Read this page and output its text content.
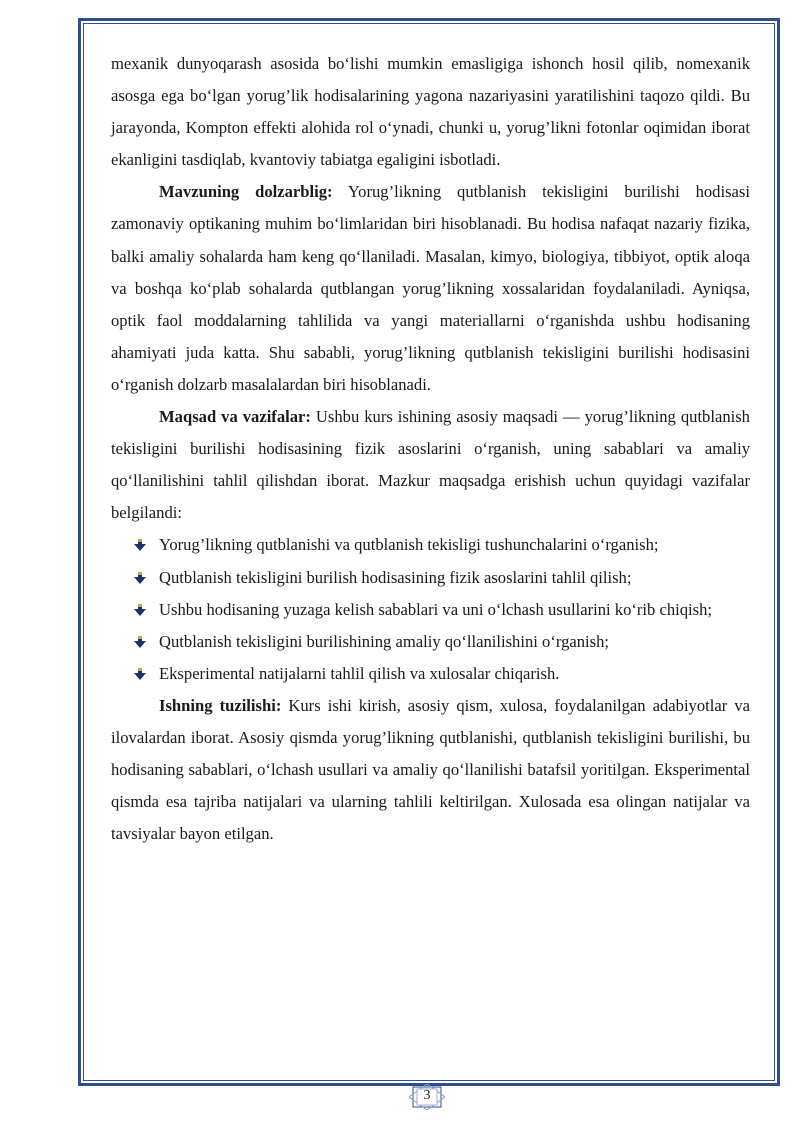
mexanik dunyoqarash asosida bo‘lishi mumkin emasligiga ishonch hosil qilib, nomexanik asosga ega bo‘lgan yorug’lik hodisalarining yagona nazariyasini yaratilishini taqozo qildi. Bu jarayonda, Kompton effekti alohida rol o‘ynadi, chunki u, yorug’likni fotonlar oqimidan iborat ekanligini tasdiqlab, kvantoviy tabiatga egaligini isbotladi.

Mavzuning dolzarblig: Yorug’likning qutblanish tekisligini burilishi hodisasi zamonaviy optikaning muhim bo‘limlaridan biri hisoblanadi. Bu hodisa nafaqat nazariy fizika, balki amaliy sohalarda ham keng qo‘llaniladi. Masalan, kimyo, biologiya, tibbiyot, optik aloqa va boshqa ko‘plab sohalarda qutblangan yorug’likning xossalaridan foydalaniladi. Ayniqsa, optik faol moddalarning tahlilida va yangi materiallarni o‘rganishda ushbu hodisaning ahamiyati juda katta. Shu sababli, yorug’likning qutblanish tekisligini burilishi hodisasini o‘rganish dolzarb masalalardan biri hisoblanadi.

Maqsad va vazifalar: Ushbu kurs ishining asosiy maqsadi — yorug’likning qutblanish tekisligini burilishi hodisasining fizik asoslarini o‘rganish, uning sabablari va amaliy qo‘llanilishini tahlil qilishdan iborat. Mazkur maqsadga erishish uchun quyidagi vazifalar belgilandi:

Yorug’likning qutblanishi va qutblanish tekisligi tushunchalarini o‘rganish;
Qutblanish tekisligini burilish hodisasining fizik asoslarini tahlil qilish;
Ushbu hodisaning yuzaga kelish sabablari va uni o‘lchash usullarini ko‘rib chiqish;
Qutblanish tekisligini burilishining amaliy qo‘llanilishini o‘rganish;
Eksperimental natijalarni tahlil qilish va xulosalar chiqarish.

Ishning tuzilishi: Kurs ishi kirish, asosiy qism, xulosa, foydalanilgan adabiyotlar va ilovalardan iborat. Asosiy qismda yorug’likning qutblanishi, qutblanish tekisligini burilishi, bu hodisaning sabablari, o‘lchash usullari va amaliy qo‘llanilishi batafsil yoritilgan. Eksperimental qismda esa tajriba natijalari va ularning tahlili keltirilgan. Xulosada esa olingan natijalar va tavsiyalar bayon etilgan.

3
